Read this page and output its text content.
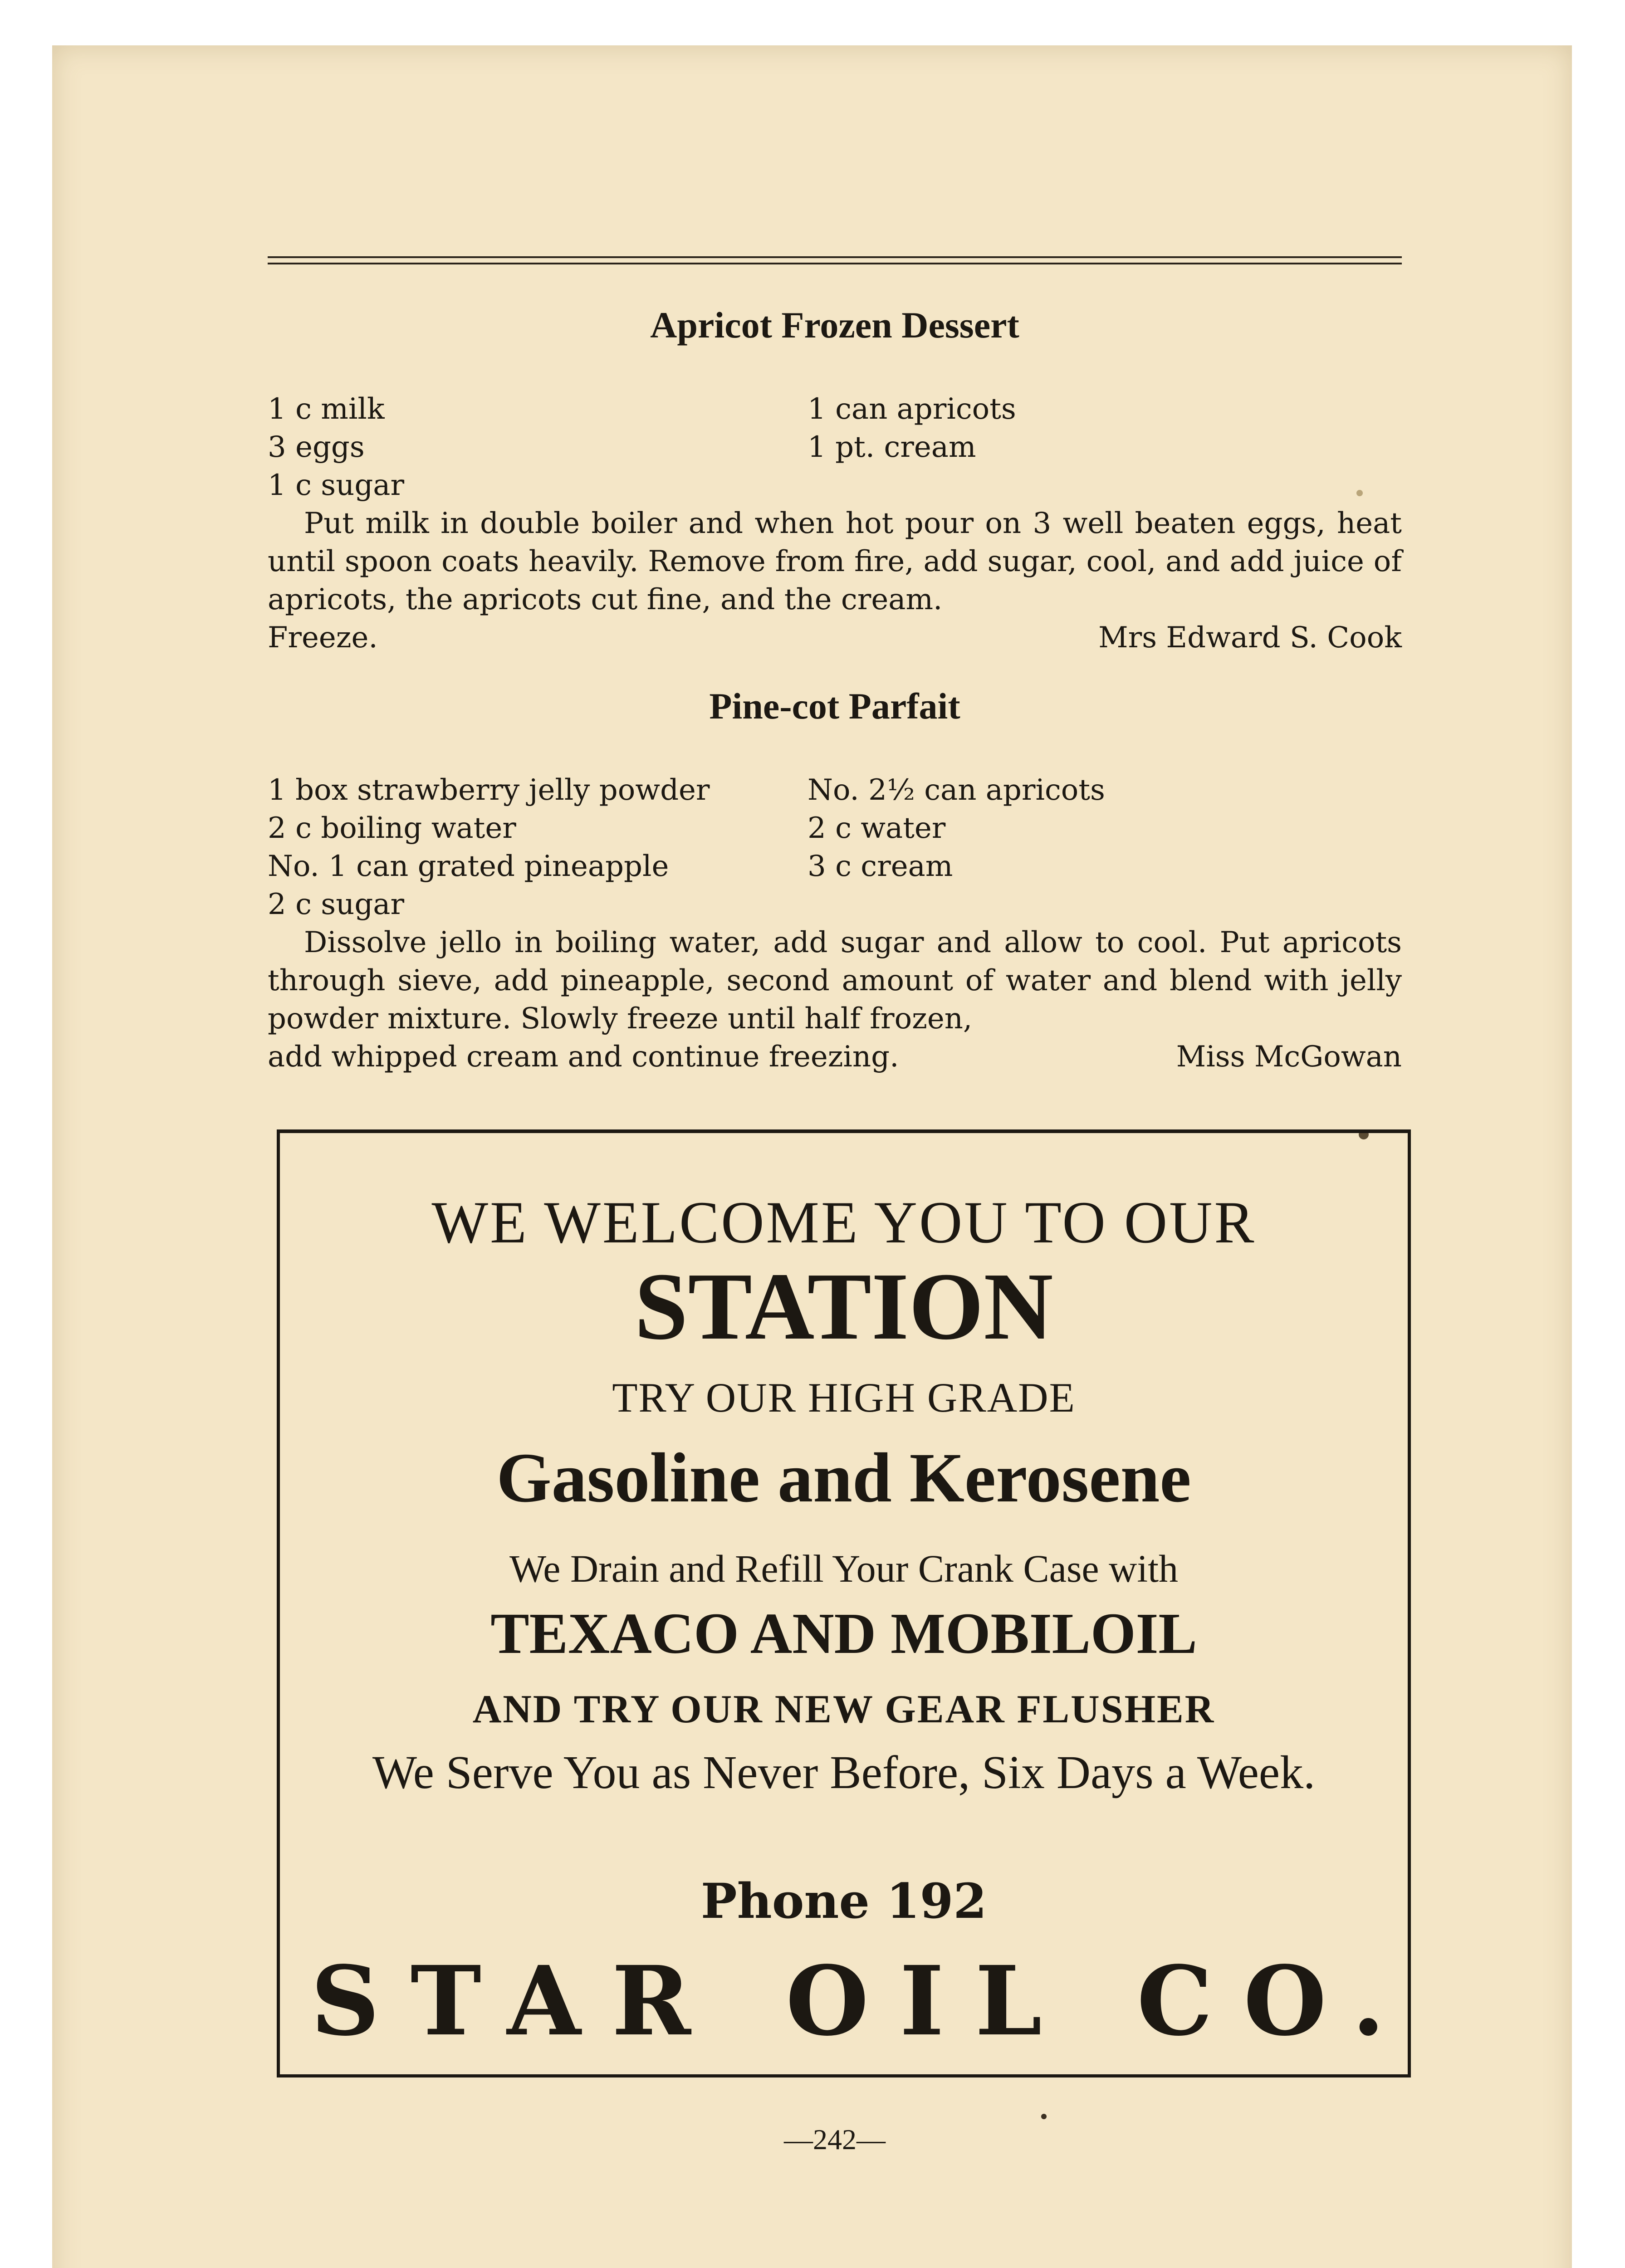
Apricot Frozen Dessert
1 c milk	1 can apricots
3 eggs	1 pt. cream
1 c sugar

Put milk in double boiler and when hot pour on 3 well beaten eggs, heat until spoon coats heavily. Remove from fire, add sugar, cool, and add juice of apricots, the apricots cut fine, and the cream.

Freeze.	Mrs Edward S. Cook
Pine-cot Parfait
1 box strawberry jelly powder	No. 2½ can apricots
2 c boiling water	2 c water
No. 1 can grated pineapple	3 c cream
2 c sugar

Dissolve jello in boiling water, add sugar and allow to cool. Put apricots through sieve, add pineapple, second amount of water and blend with jelly powder mixture. Slowly freeze until half frozen,

add whipped cream and continue freezing.	Miss McGowan
WE WELCOME YOU TO OUR
STATION
TRY OUR HIGH GRADE
Gasoline and Kerosene
We Drain and Refill Your Crank Case with
TEXACO AND MOBILOIL
AND TRY OUR NEW GEAR FLUSHER
We Serve You as Never Before, Six Days a Week.
Phone 192
STAR OIL CO.
—242—
